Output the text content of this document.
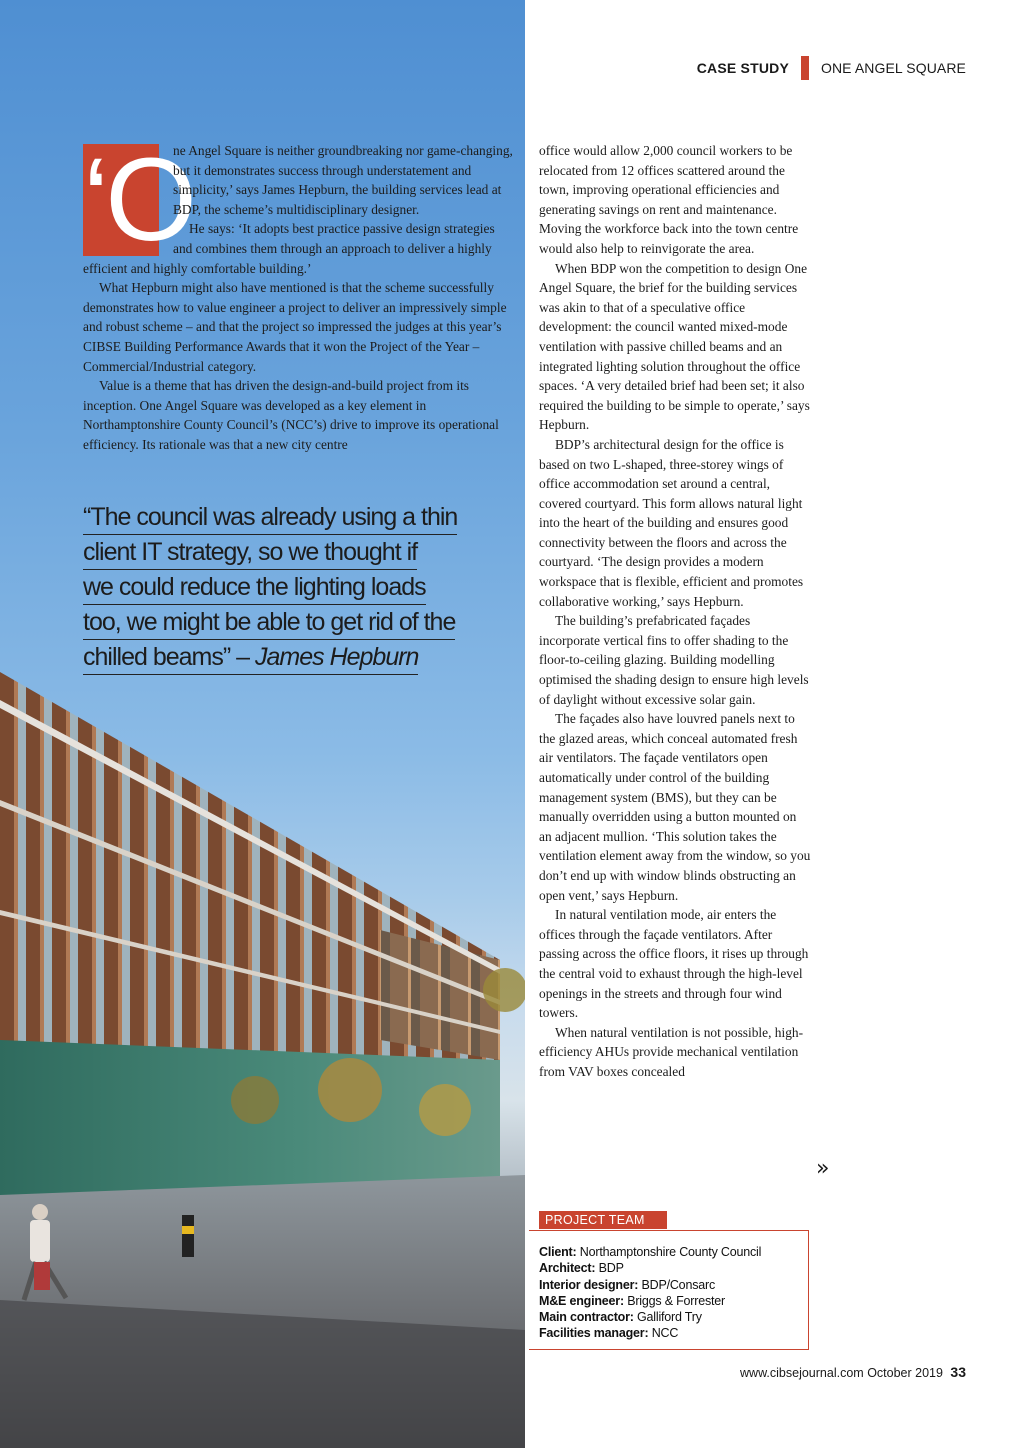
CASE STUDY ONE ANGEL SQUARE
‘O

ne Angel Square is neither groundbreaking nor game-changing, but it demonstrates success through understatement and simplicity,’ says James Hepburn, the building services lead at BDP, the scheme’s multidisciplinary designer.

He says: ‘It adopts best practice passive design strategies and combines them through an approach to deliver a highly efficient and highly comfortable building.’

What Hepburn might also have mentioned is that the scheme successfully demonstrates how to value engineer a project to deliver an impressively simple and robust scheme – and that the project so impressed the judges at this year’s CIBSE Building Performance Awards that it won the Project of the Year – Commercial/Industrial category.

Value is a theme that has driven the design-and-build project from its inception. One Angel Square was developed as a key element in Northamptonshire County Council’s (NCC’s) drive to improve its operational efficiency. Its rationale was that a new city centre

“The council was already using a thin
client IT strategy, so we thought if
we could reduce the lighting loads
too, we might be able to get rid of the
chilled beams” – James Hepburn

office would allow 2,000 council workers to be relocated from 12 offices scattered around the town, improving operational efficiencies and generating savings on rent and maintenance. Moving the workforce back into the town centre would also help to reinvigorate the area.

When BDP won the competition to design One Angel Square, the brief for the building services was akin to that of a speculative office development: the council wanted mixed-mode ventilation with passive chilled beams and an integrated lighting solution throughout the office spaces. ‘A very detailed brief had been set; it also required the building to be simple to operate,’ says Hepburn.

BDP’s architectural design for the office is based on two L-shaped, three-storey wings of office accommodation set around a central, covered courtyard. This form allows natural light into the heart of the building and ensures good connectivity between the floors and across the courtyard. ‘The design provides a modern workspace that is flexible, efficient and promotes collaborative working,’ says Hepburn.

The building’s prefabricated façades incorporate vertical fins to offer shading to the floor-to-ceiling glazing. Building modelling optimised the shading design to ensure high levels of daylight without excessive solar gain.

The façades also have louvred panels next to the glazed areas, which conceal automated fresh air ventilators. The façade ventilators open automatically under control of the building management system (BMS), but they can be manually overridden using a button mounted on an adjacent mullion. ‘This solution takes the ventilation element away from the window, so you don’t end up with window blinds obstructing an open vent,’ says Hepburn.

In natural ventilation mode, air enters the offices through the façade ventilators. After passing across the office floors, it rises up through the central void to exhaust through the high-level openings in the streets and through four wind towers.

When natural ventilation is not possible, high-efficiency AHUs provide mechanical ventilation from VAV boxes concealed

»
PROJECT TEAM
Client: Northamptonshire County Council
Architect: BDP
Interior designer: BDP/Consarc
M&E engineer: Briggs & Forrester
Main contractor: Galliford Try
Facilities manager: NCC
www.cibsejournal.com October 2019 33
